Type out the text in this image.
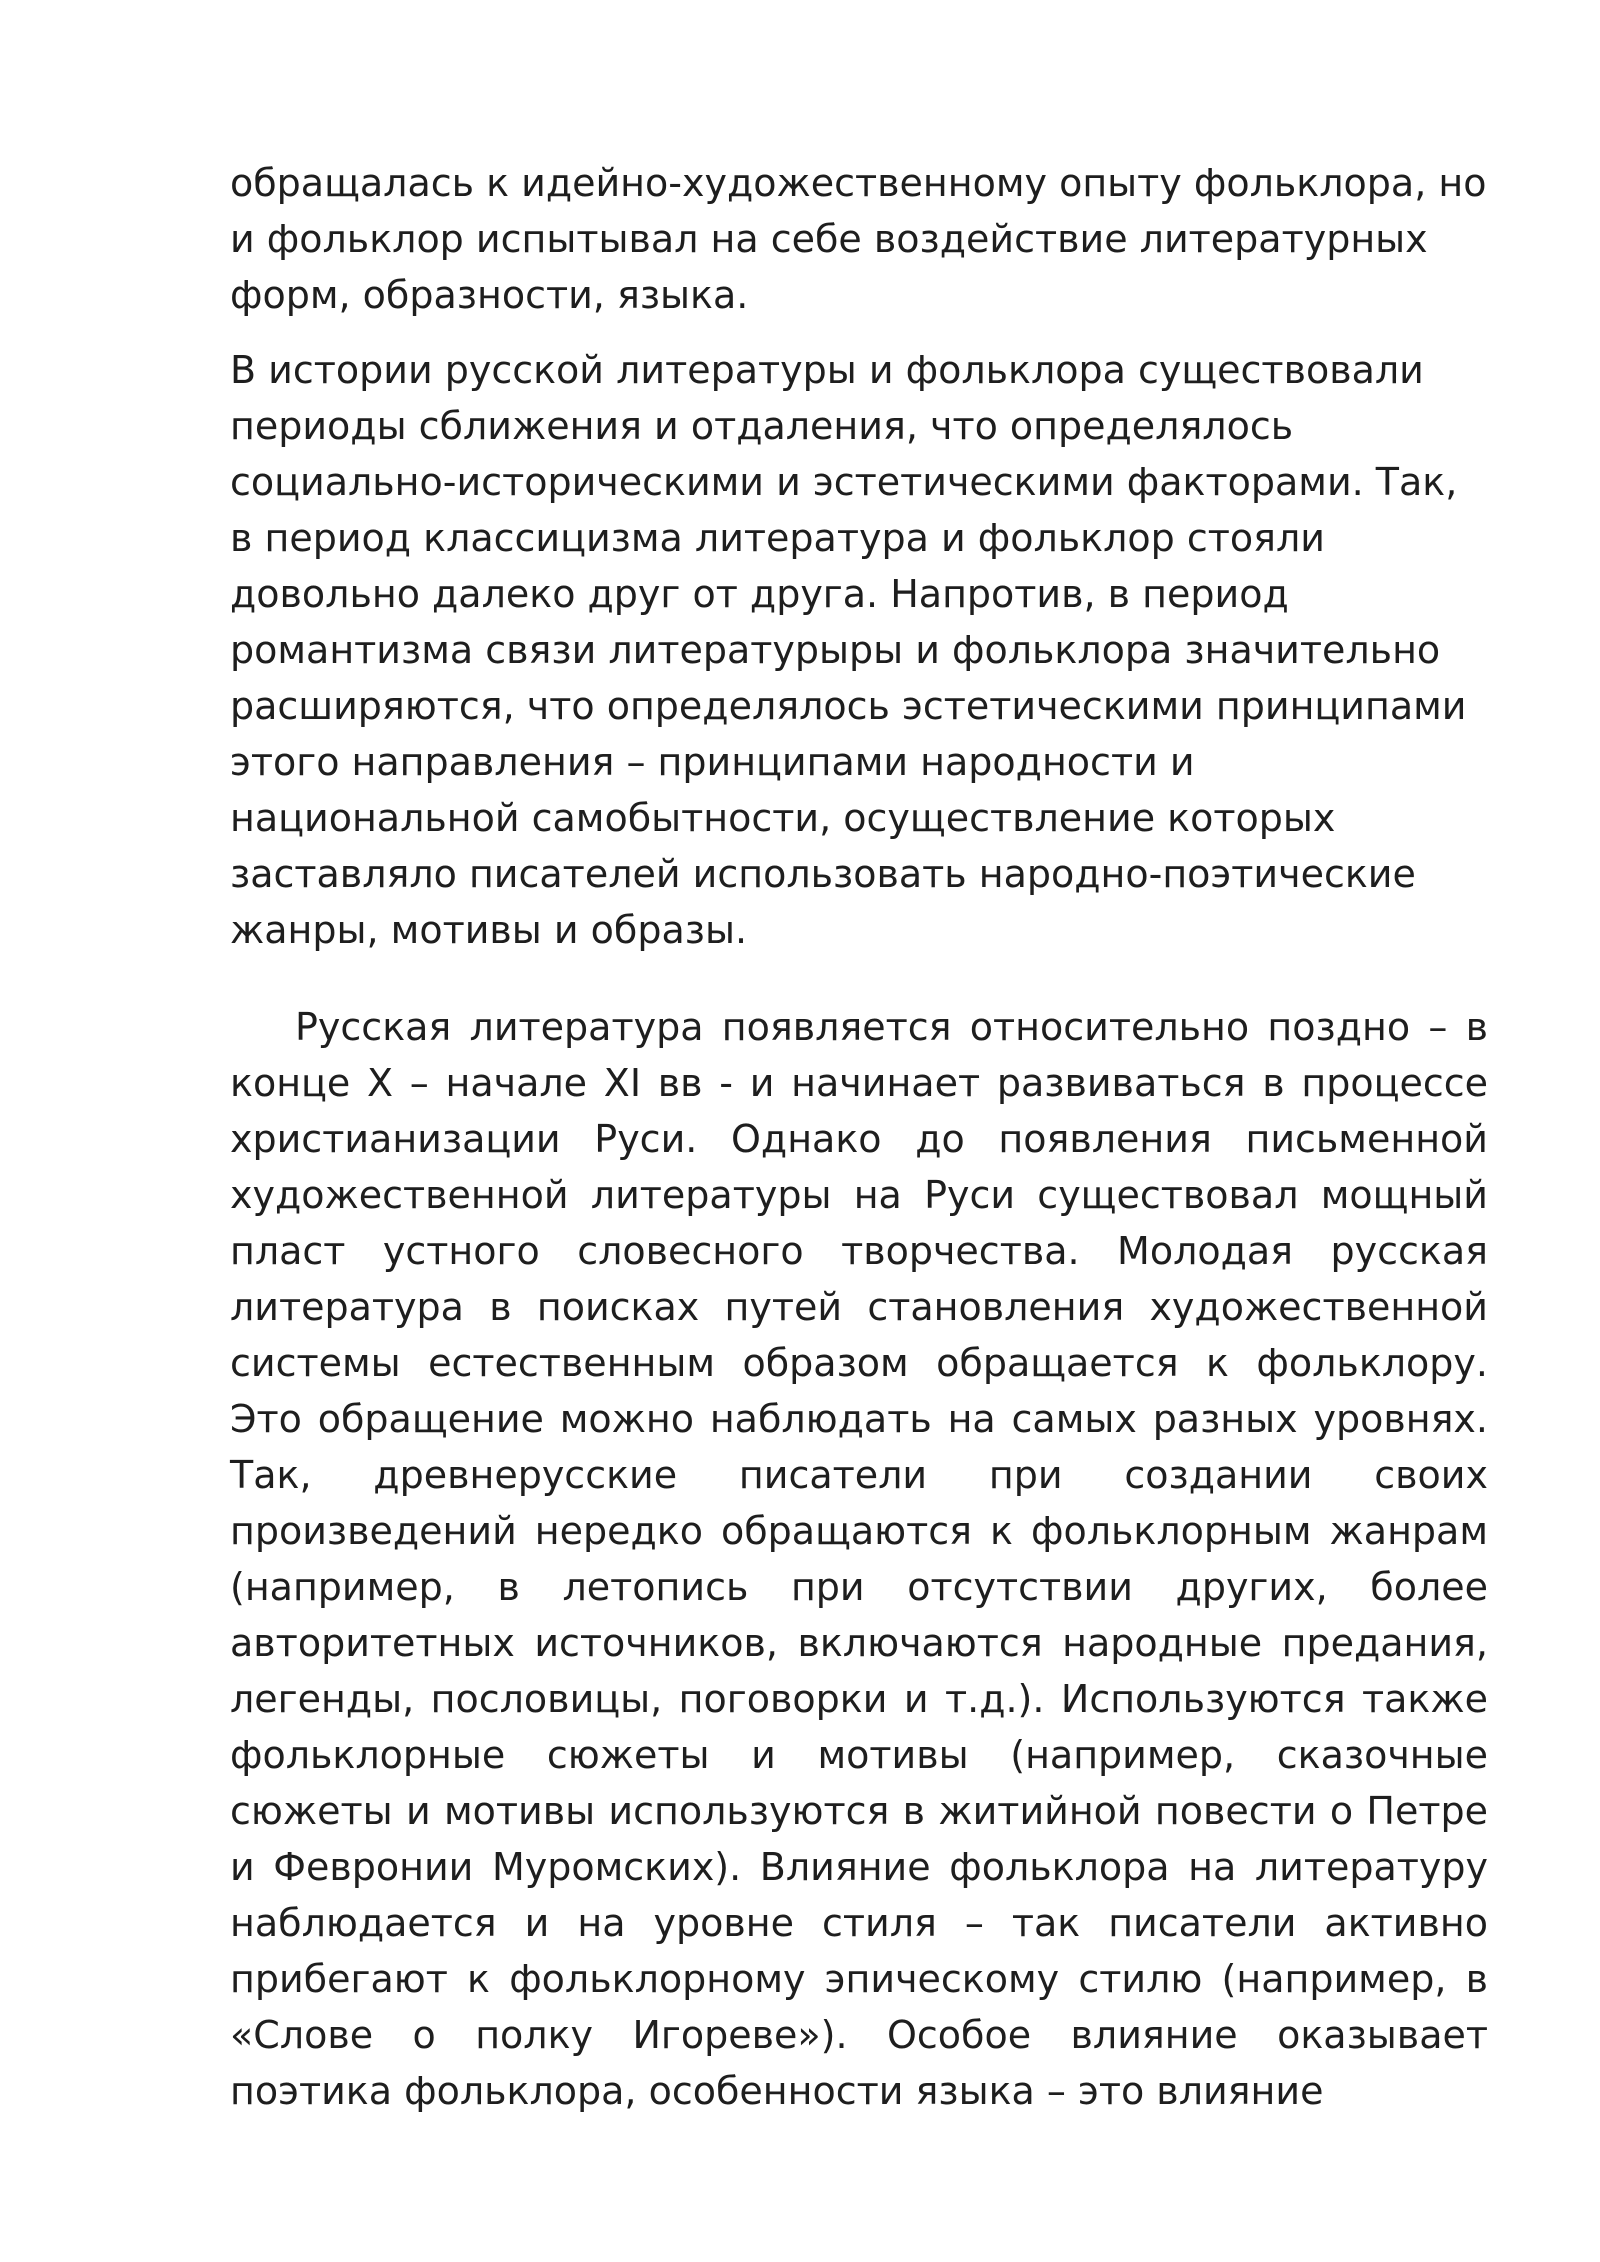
обращалась к идейно-художественному опыту фольклора, но и фольклор испытывал на себе воздействие литературных форм, образности, языка.

В истории русской литературы и фольклора существовали периоды сближения и отдаления, что определялось социально-историческими и эстетическими факторами. Так, в период классицизма литература и фольклор стояли довольно далеко друг от друга. Напротив, в период романтизма связи литературыры и фольклора значительно расширяются, что определялось эстетическими принципами этого направления – принципами народности и национальной самобытности, осуществление которых заставляло писателей использовать народно-поэтические жанры, мотивы и образы.

Русская литература появляется относительно поздно – в конце X – начале XI вв - и начинает развиваться в процессе христианизации Руси. Однако до появления письменной художественной литературы на Руси существовал мощный пласт устного словесного творчества. Молодая русская литература в поисках путей становления художественной системы естественным образом обращается к фольклору. Это обращение можно наблюдать на самых разных уровнях. Так, древнерусские писатели при создании своих произведений нередко обращаются к фольклорным жанрам (например, в летопись при отсутствии других, более авторитетных источников, включаются народные предания, легенды, пословицы, поговорки и т.д.). Используются также фольклорные сюжеты и мотивы (например, сказочные сюжеты и мотивы используются в житийной повести о Петре и Февронии Муромских). Влияние фольклора на литературу наблюдается и на уровне стиля – так писатели активно прибегают к фольклорному эпическому стилю (например, в «Слове о полку Игореве»). Особое влияние оказывает поэтика фольклора, особенности языка – это влияние
